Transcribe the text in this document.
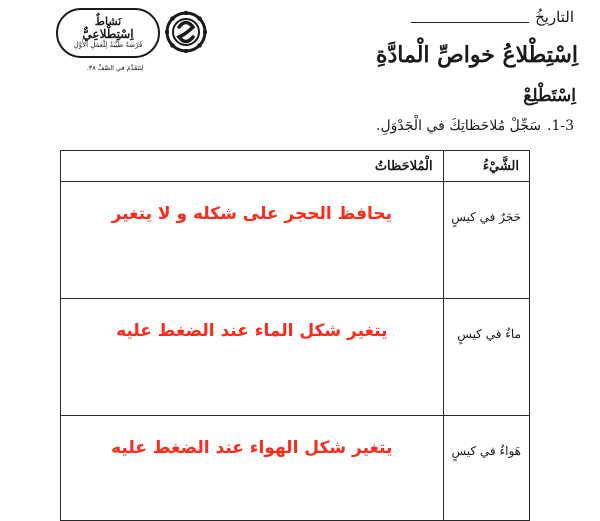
التاريخُ
نَشاطٌ
اِسْتِطْلاعِيٌّ
فُرْصَةٌ طَيِّبَةٌ لِلْعَمَلِ الأَوَّلِ
لِتَتَقَدَّمَ في الصَّفِّ ٣٨.	اِسْتِطْلاعُ خواصِّ الْمادَّةِ
اِسْتَطْلِعْ
1-3.
سَجِّلْ مُلاحَظاتِكَ في الْجَدْوَلِ.
الشَّيْءُ	الْمُلاحَظاتُ
حَجَرٌ في كيسٍ	يحافظ الحجر على شكله و لا يتغير
ماءٌ في كيسٍ	يتغير شكل الماء عند الضغط عليه
هَواءٌ في كيسٍ	يتغير شكل الهواء عند الضغط عليه
